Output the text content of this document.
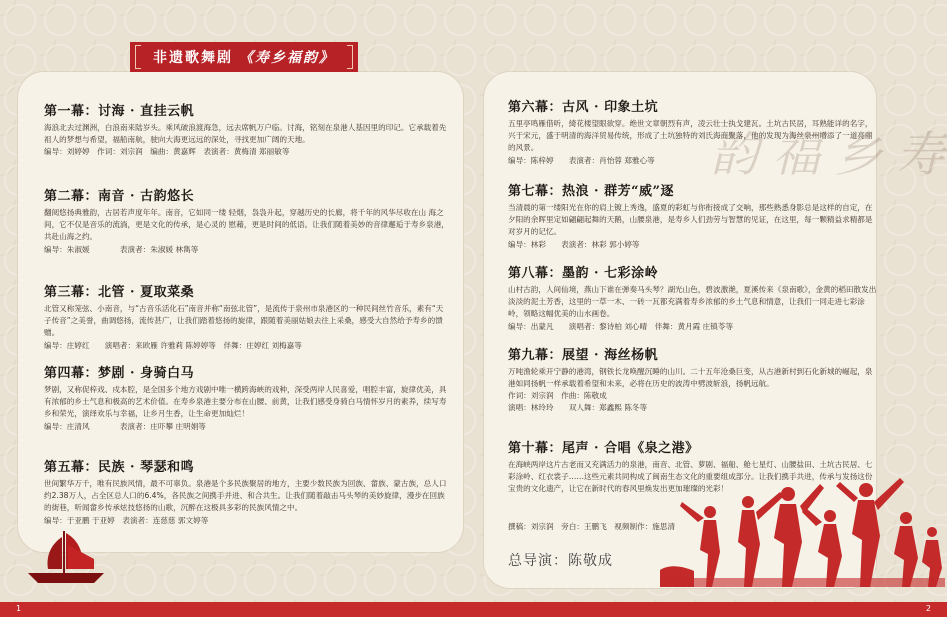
非遗歌舞剧 《寿乡福韵》
第一幕：讨海 · 直挂云帆
海浪北去过渊洲，白浪南来陆岁头。乘风破浪渡海急，远去席帆万户临。讨海，铭刻在泉港人基因里的印记。它承载着先祖人的梦想与希望，福船南航，驶向大海更远远的深处，寻找更加广阔的天地。
编导：刘婷婷　作词：刘宗润　编曲：黄嘉辉　表演者：黄梅清 郑丽敏等
第二幕：南音 · 古韵悠长
翻阅悠扬典雅韵，古居若声度年年。南音，它如同一缕 轻烟，袅袅升起，穿越历史的长廊，将千年的风华尽收在山 海之间，它不仅是音乐的流淌，更是文化的传承，是心灵的 慰藉，更是时间的低语。让我们随着美妙的音律邂逅于寿乡泉港，共赴山海之约。
编导：朱淑媛　　　　表演者：朱淑媛 林雋等
第三幕：北管 · 夏取菜桑
北管又称笼弦、小南音，与“古音乐活化石”南音并称“南弦北管”，是流传于泉州市泉港区的一种民间丝竹音乐，素有“天子传音”之美誉，曲调悠扬，流传甚广，让我们踏着悠扬的旋律，跟随着美丽姑娘去往上采桑，感受大自然给予寿乡的馈赠。
编导：庄婷红　　演唱者：来欧雁 许雅莉 陈婷婷等　伴舞：庄婷红 刘梅嘉等
第四幕：梦剧 · 身骑白马
梦剧，又称促梓戏、戍本腔，是全国多个地方戏剧中唯一横跨海峡的戏种，深受两岸人民喜爱，唱腔丰富，旋律优美，具有浓郁的乡土气息和极高的艺术价值。在寿乡泉港主要分布在山腰、前黄，让我们感受身骑白马情怀岁月的素养，续写寿乡和荣光，演绎欢乐与幸福，让乡月生香，让生命更加灿烂！
编导：庄清风　　　　表演者：庄吓攀 庄明娟等
第五幕：民族 · 琴瑟和鸣
世间繁华万千，唯有民族风情，最不可辜负。泉港是个多民族聚居的地方，主要少数民族为回族、畲族、蒙古族，总人口约2.38万人，占全区总人口的6.4%，各民族之间携手并进、和合共生。让我们随着敲击马头琴的美妙旋律，漫步在回族的街巷，听闻畲乡传承炫技悠扬的山歌，沉醉在这极具多彩的民族风情之中。
编导：于亚鹏 于亚婷　表演者：连慈慈 郭文婷等
第六幕：古风 · 印象土坑
五里亭鸣雁借听，綺花楼望眼欲穿。绝世文章朝烈有声，凌云壮士执戈建瓦。土坑古民居，耳熟能详的名字，兴于宋元，盛于明清的海洋贸易传统，形成了土坑独特的刘氏海商聚落，他的发现为海丝泉州增添了一道亮丽的风景。
编导：陈梓婷　　表演者：肖怡蓉 郑雅心等
第七幕：热浪 · 群芳“威”逐
当清晨的第一缕阳光在你的肩上镀上秀逸，盛夏的彩虹与你衔接成了交响，那些熟悉身影总是这样的自定，在夕阳的余晖里定如翩翩起舞的天鹅，山腰泉港，是寿乡人们劲劳与智慧的见证，在这里，每一颗精益求精都是对岁月的记忆。
编导：林彩　　表演者：林彩 郭小婷等
第八幕：墨韵 · 七彩涂岭
山村古韵，人间仙境，燕山下谁在弹奏马头琴？湖光山色，碧波激滟，夏溪传来《泉南歌》，金黄的稻田散发出淡淡的泥土芳香，这里的一草一木、一砖一瓦都充满着寿乡浓郁的乡土气息和情意，让我们一同走进七彩涂岭，领略这幅优美的山水画卷。
编导：出蒙凡　　演唱者：黎诗柏 刘心晴　伴舞：黄月霞 庄镇苓等
第九幕：展望 · 海丝杨帆
万吨渔轮乘开宁静的港湾，钢铁长龙唤醒沉睡的山川。二十五年沧桑巨变，从古港新村到石化新城的崛起，泉港如同扬帆一样承载着希望和未来，必将在历史的波涛中劈波斩浪，扬帆远航。
作词：刘宗润　作曲：陈敬成
演唱：林玲玲　　双人舞：郑鑫熙 陈冬等
第十幕：尾声 · 合唱《泉之港》
在海峡两岸这片古老而又充满活力的泉港，南音、北管、萝剧、福船、舱七星灯、山腰盐田、土坑古民居、七彩涂岭、红衣裳子……这些元素共同构成了闽南生态文化的重要组成部分。让我们携手共进，传承与发扬这份宝贵的文化遗产，让它在新时代的春风里焕发出更加璀璨的光彩！
撰稿：刘宗润　旁白：王鹏飞　视频制作：施思清
总导演：陈敬成
寿
乡
福
韵
1	2
